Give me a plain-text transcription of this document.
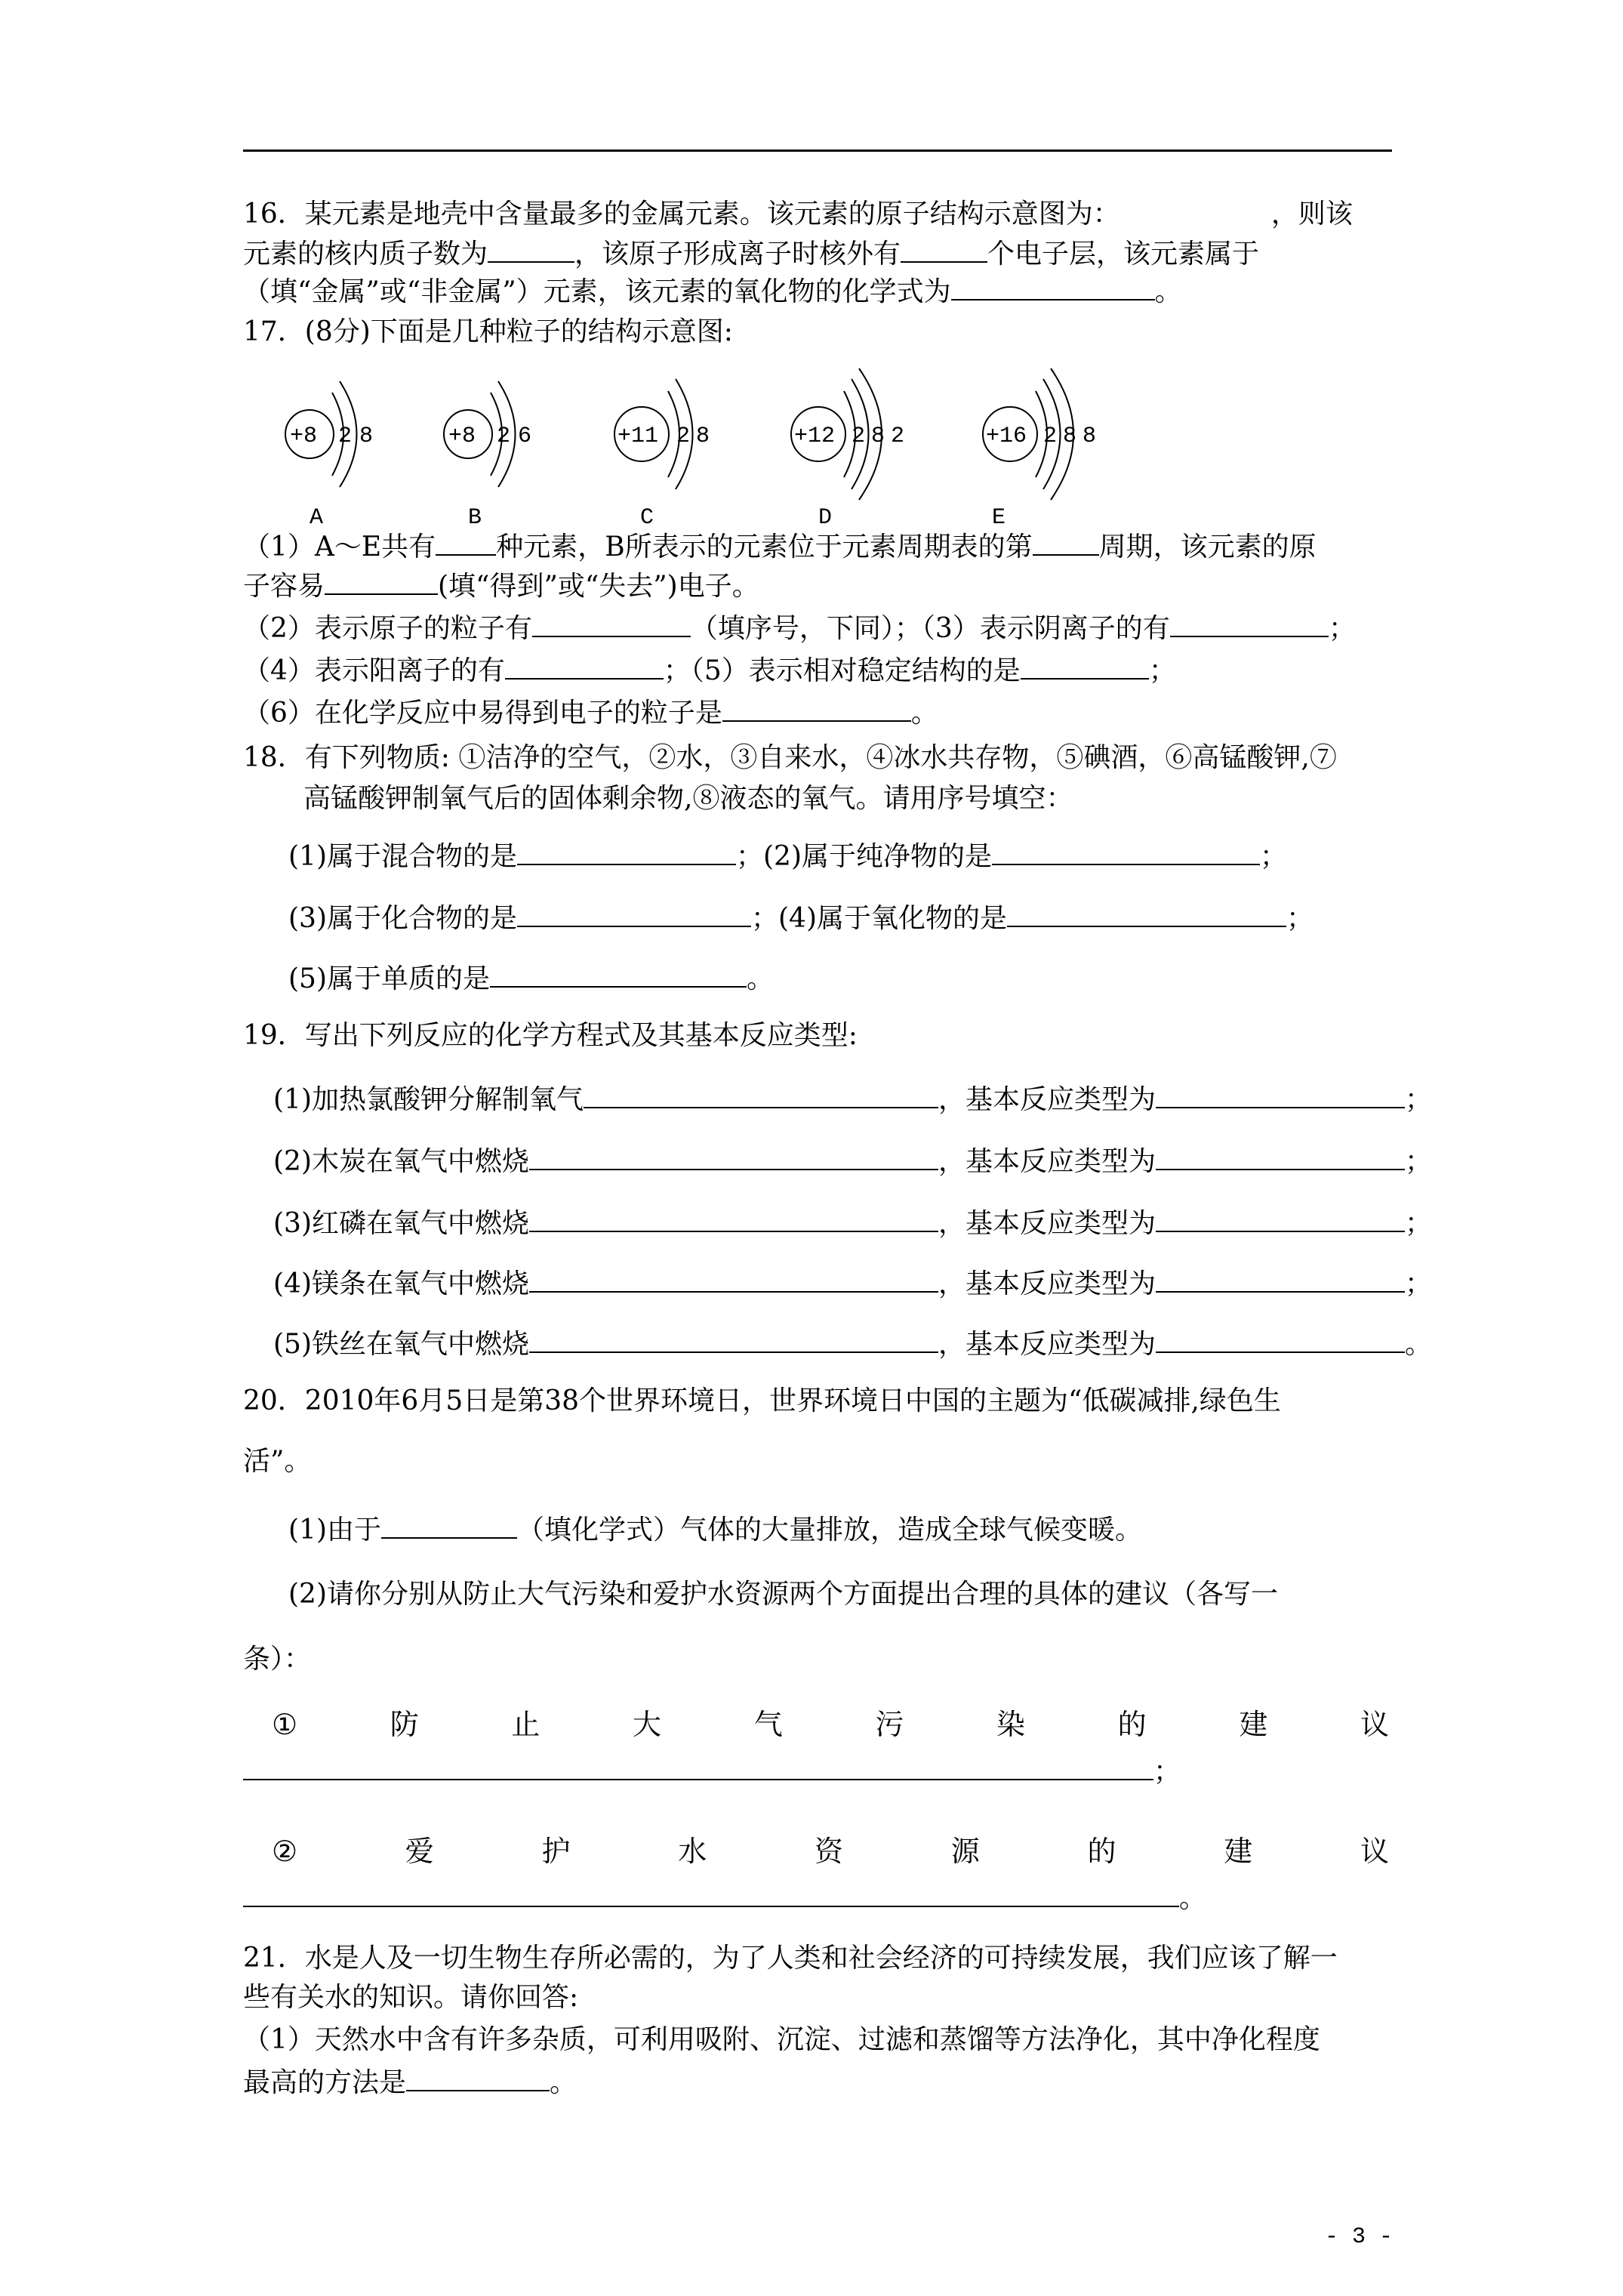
16．某元素是地壳中含量最多的金属元素。该元素的原子结构示意图为：	，则该
元素的核内质子数为	，该原子形成离子时核外有	个电子层，该元素属于
（填“金属”或“非金属”）元素，该元素的氧化物的化学式为	。
17．(8分)下面是几种粒子的结构示意图:
+8 2 8
A
+8 2 6
B
+11 2 8
C
+12 2 8 2
D
+16 2 8 8
E
（1）A～E共有 种元素，B所表示的元素位于元素周期表的第 周期，该元素的原
子容易	(填“得到”或“失去”)电子。
（2）表示原子的粒子有	（填序号，下同）；（3）表示阴离子的有	；
（4）表示阳离子的有	；（5）表示相对稳定结构的是	；
（6）在化学反应中易得到电子的粒子是	。
18．有下列物质: ①洁净的空气，②水，③自来水，④冰水共存物，⑤碘酒，⑥高锰酸钾,⑦
高锰酸钾制氧气后的固体剩余物,⑧液态的氧气。请用序号填空：
(1)属于混合物的是	；(2)属于纯净物的是	；
(3)属于化合物的是	；(4)属于氧化物的是	；
(5)属于单质的是	。
19．写出下列反应的化学方程式及其基本反应类型:
(1)加热氯酸钾分解制氧气	，基本反应类型为	；
(2)木炭在氧气中燃烧	，基本反应类型为	；
(3)红磷在氧气中燃烧	，基本反应类型为	；
(4)镁条在氧气中燃烧	，基本反应类型为	；
(5)铁丝在氧气中燃烧	，基本反应类型为	。
20．2010年6月5日是第38个世界环境日，世界环境日中国的主题为“低碳减排,绿色生
活”。
(1)由于	（填化学式）气体的大量排放，造成全球气候变暖。
(2)请你分别从防止大气污染和爱护水资源两个方面提出合理的具体的建议（各写一
条）：
①	防	止	大	气	污	染	的	建	议
；
②	爱	护	水	资	源	的	建	议
。
21．水是人及一切生物生存所必需的，为了人类和社会经济的可持续发展，我们应该了解一
些有关水的知识。请你回答:
（1）天然水中含有许多杂质，可利用吸附、沉淀、过滤和蒸馏等方法净化，其中净化程度
最高的方法是	。
- 3 -
